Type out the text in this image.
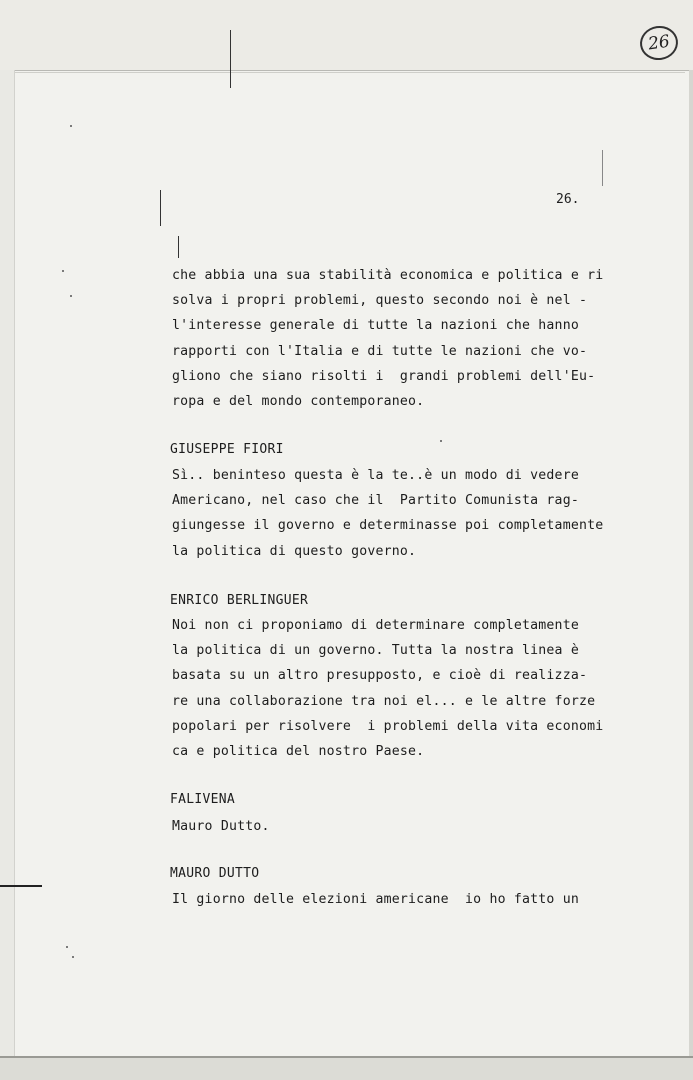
26
26.
che abbia una sua stabilità economica e politica e ri
solva i propri problemi, questo secondo noi è nel -
l'interesse generale di tutte la nazioni che hanno
rapporti con l'Italia e di tutte le nazioni che vo-
gliono che siano risolti i  grandi problemi dell'Eu-
ropa e del mondo contemporaneo.
GIUSEPPE FIORI
Sì.. beninteso questa è la te..è un modo di vedere
Americano, nel caso che il  Partito Comunista rag-
giungesse il governo e determinasse poi completamente
la politica di questo governo.
ENRICO BERLINGUER
Noi non ci proponiamo di determinare completamente
la politica di un governo. Tutta la nostra linea è
basata su un altro presupposto, e cioè di realizza-
re una collaborazione tra noi el... e le altre forze
popolari per risolvere  i problemi della vita economi
ca e politica del nostro Paese.
FALIVENA
Mauro Dutto.
MAURO DUTTO
Il giorno delle elezioni americane  io ho fatto un
